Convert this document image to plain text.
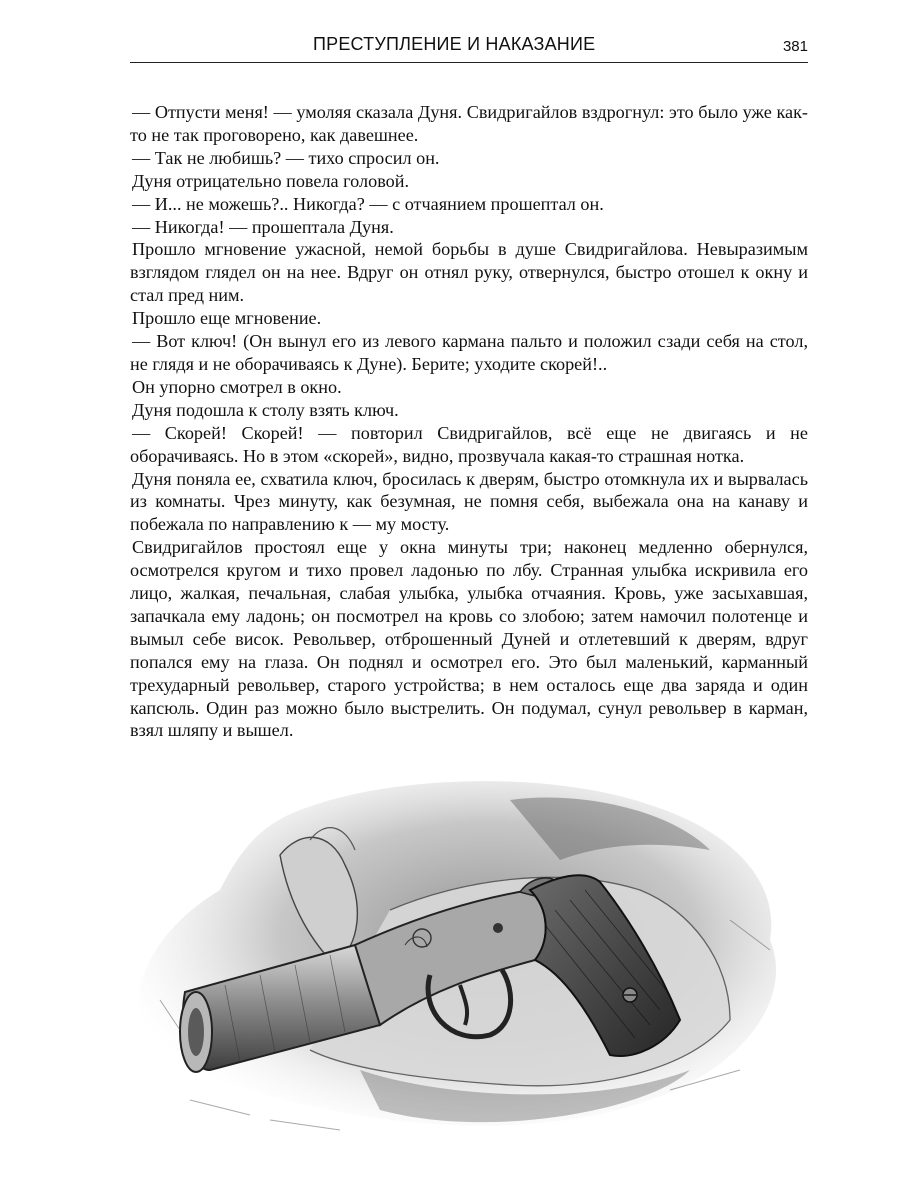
ПРЕСТУПЛЕНИЕ И НАКАЗАНИЕ	381

— Отпусти меня! — умоляя сказала Дуня. Свидригайлов вздрогнул: это было уже как-то не так проговорено, как давешнее.

— Так не любишь? — тихо спросил он.

Дуня отрицательно повела головой.

— И... не можешь?.. Никогда? — с отчаянием прошептал он.

— Никогда! — прошептала Дуня.

Прошло мгновение ужасной, немой борьбы в душе Свидригайлова. Невыразимым взглядом глядел он на нее. Вдруг он отнял руку, отвернулся, быстро отошел к окну и стал пред ним.

Прошло еще мгновение.

— Вот ключ! (Он вынул его из левого кармана пальто и положил сзади себя на стол, не глядя и не оборачиваясь к Дуне). Берите; уходите скорей!..

Он упорно смотрел в окно.

Дуня подошла к столу взять ключ.

— Скорей! Скорей! — повторил Свидригайлов, всё еще не двигаясь и не оборачиваясь. Но в этом «скорей», видно, прозвучала какая-то страшная нотка.

Дуня поняла ее, схватила ключ, бросилась к дверям, быстро отомкнула их и вырвалась из комнаты. Чрез минуту, как безумная, не помня себя, выбежала она на канаву и побежала по направлению к — му мосту.

Свидригайлов простоял еще у окна минуты три; наконец медленно обернулся, осмотрелся кругом и тихо провел ладонью по лбу. Странная улыбка искривила его лицо, жалкая, печальная, слабая улыбка, улыбка отчаяния. Кровь, уже засыхавшая, запачкала ему ладонь; он посмотрел на кровь со злобою; затем намочил полотенце и вымыл себе висок. Револьвер, отброшенный Дуней и отлетевший к дверям, вдруг попался ему на глаза. Он поднял и осмотрел его. Это был маленький, карманный трехударный револьвер, старого устройства; в нем осталось еще два заряда и один капсюль. Один раз можно было выстрелить. Он подумал, сунул револьвер в карман, взял шляпу и вышел.
